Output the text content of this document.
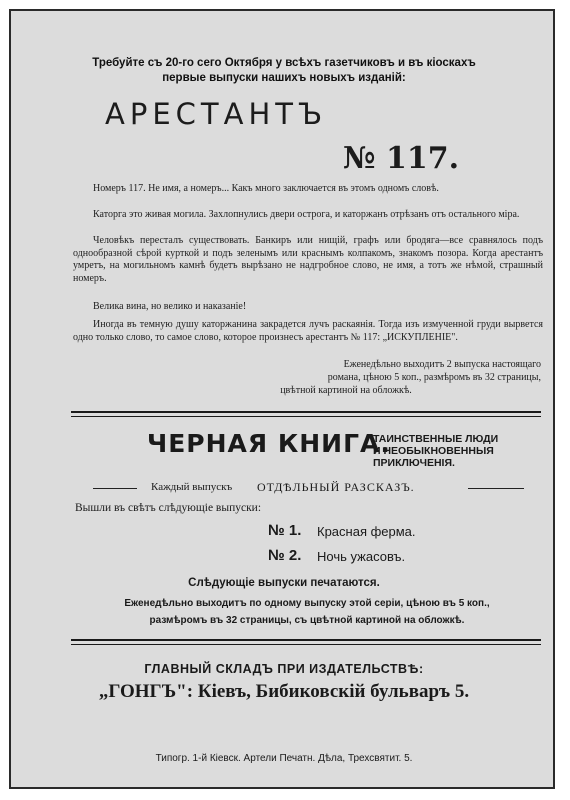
Требуйте съ 20-го сего Октября у всѣхъ газетчиковъ и въ кіоскахъ
первые выпуски нашихъ новыхъ изданій:
АРЕСТАНТЪ
№ 117.
Номеръ 117. Не имя, а номеръ... Какъ много заключается въ этомъ одномъ словѣ.
Каторга это живая могила. Захлопнулись двери острога, и каторжанъ отрѣзанъ отъ остального міра.
Человѣкъ пересталъ существовать. Банкиръ или нищій, графъ или бродяга—все сравнялось подъ однообразной сѣрой курткой и подъ зеленымъ или краснымъ колпакомъ, знакомъ позора. Когда арестантъ умретъ, на могильномъ камнѣ будетъ вырѣзано не надгробное слово, не имя, а тотъ же нѣмой, страшный номеръ.
Велика вина, но велико и наказаніе!
Иногда въ темную душу каторжанина закрадется лучъ раскаянія. Тогда изъ измученной груди вырвется одно только слово, то самое слово, которое произнесъ арестантъ № 117: „ИСКУПЛЕНІЕ".
Еженедѣльно выходитъ 2 выпуска настоящаго
романа, цѣною 5 коп., размѣромъ въ 32 страницы,
цвѣтной картиной на обложкѣ.
ЧЕРНАЯ КНИГА.
ТАИНСТВЕННЫЕ ЛЮДИ
И НЕОБЫКНОВЕННЫЯ
ПРИКЛЮЧЕНІЯ.
Каждый выпускъ ОТДѢЛЬНЫЙ РАЗСКАЗЪ.
Вышли въ свѣтъ слѣдующіе выпуски:
№ 1. Красная ферма.
№ 2. Ночь ужасовъ.
Слѣдующіе выпуски печатаются.
Еженедѣльно выходитъ по одному выпуску этой серіи, цѣною въ 5 коп.,
размѣромъ въ 32 страницы, съ цвѣтной картиной на обложкѣ.
ГЛАВНЫЙ СКЛАДЪ ПРИ ИЗДАТЕЛЬСТВѢ:
„ГОНГЪ": Кіевъ, Бибиковскій бульваръ 5.
Типогр. 1-й Кіевск. Артели Печатн. Дѣла, Трехсвятит. 5.
